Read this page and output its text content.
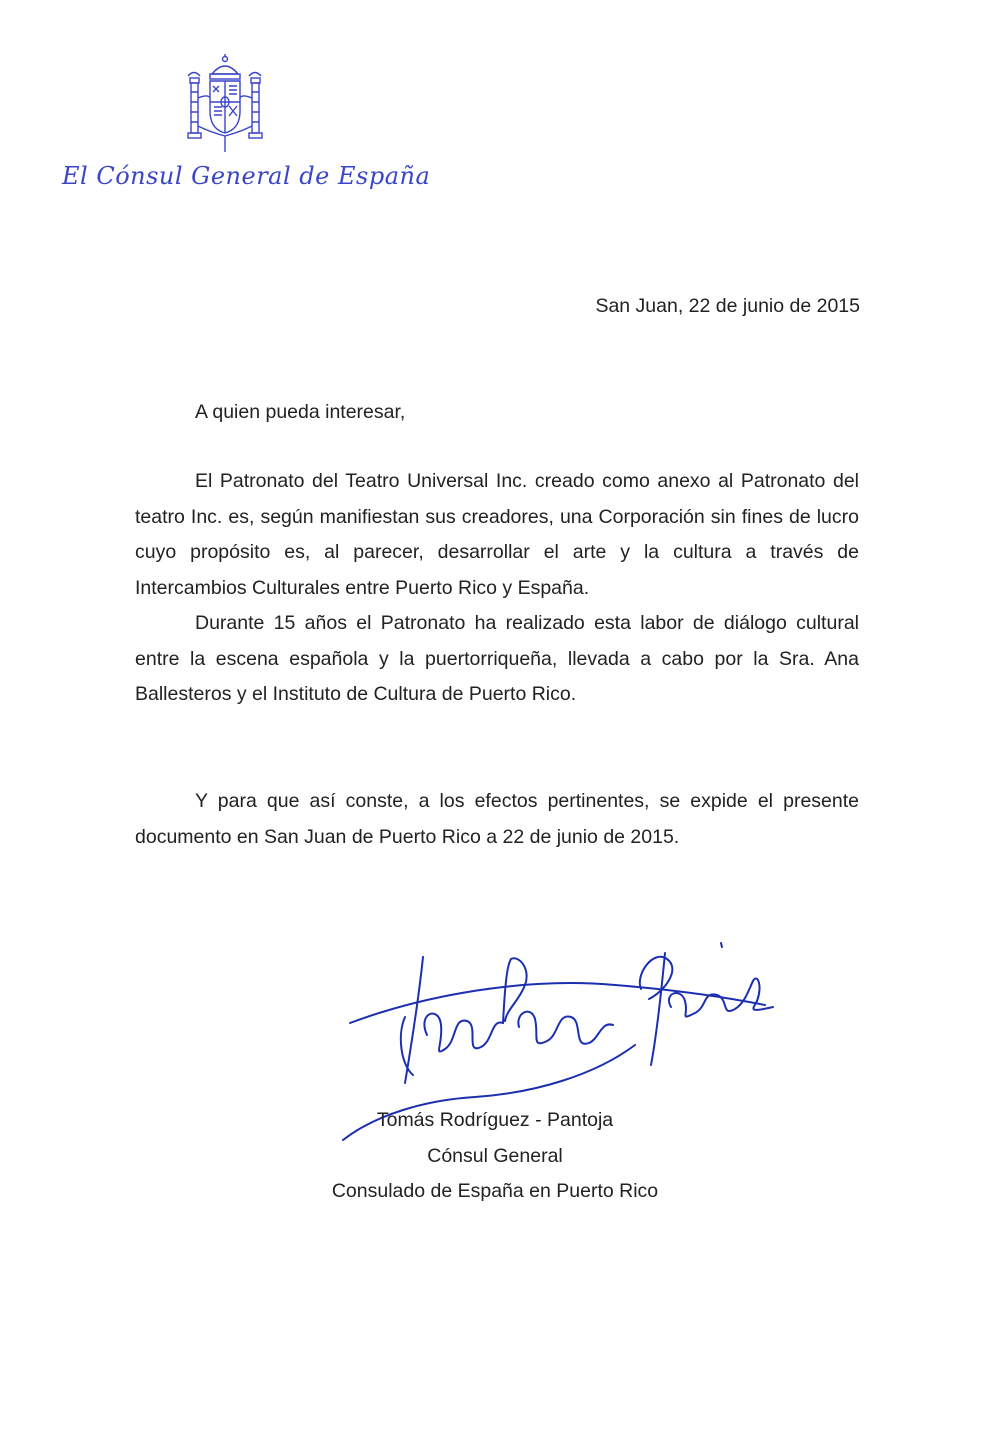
El Cónsul General de España
San Juan, 22 de junio de 2015
A quien pueda interesar,

El Patronato del Teatro Universal Inc. creado como anexo al Patronato del teatro Inc. es, según manifiestan sus creadores, una Corporación sin fines de lucro cuyo propósito es, al parecer, desarrollar el arte y la cultura a través de Intercambios Culturales entre Puerto Rico y España.

Durante 15 años el Patronato ha realizado esta labor de diálogo cultural entre la escena española y la puertorriqueña, llevada a cabo por la Sra. Ana Ballesteros y el Instituto de Cultura de Puerto Rico.

Y para que así conste, a los efectos pertinentes, se expide el presente documento en San Juan de Puerto Rico a 22 de junio de 2015.

Tomás Rodríguez - Pantoja
Cónsul General
Consulado de España en Puerto Rico
